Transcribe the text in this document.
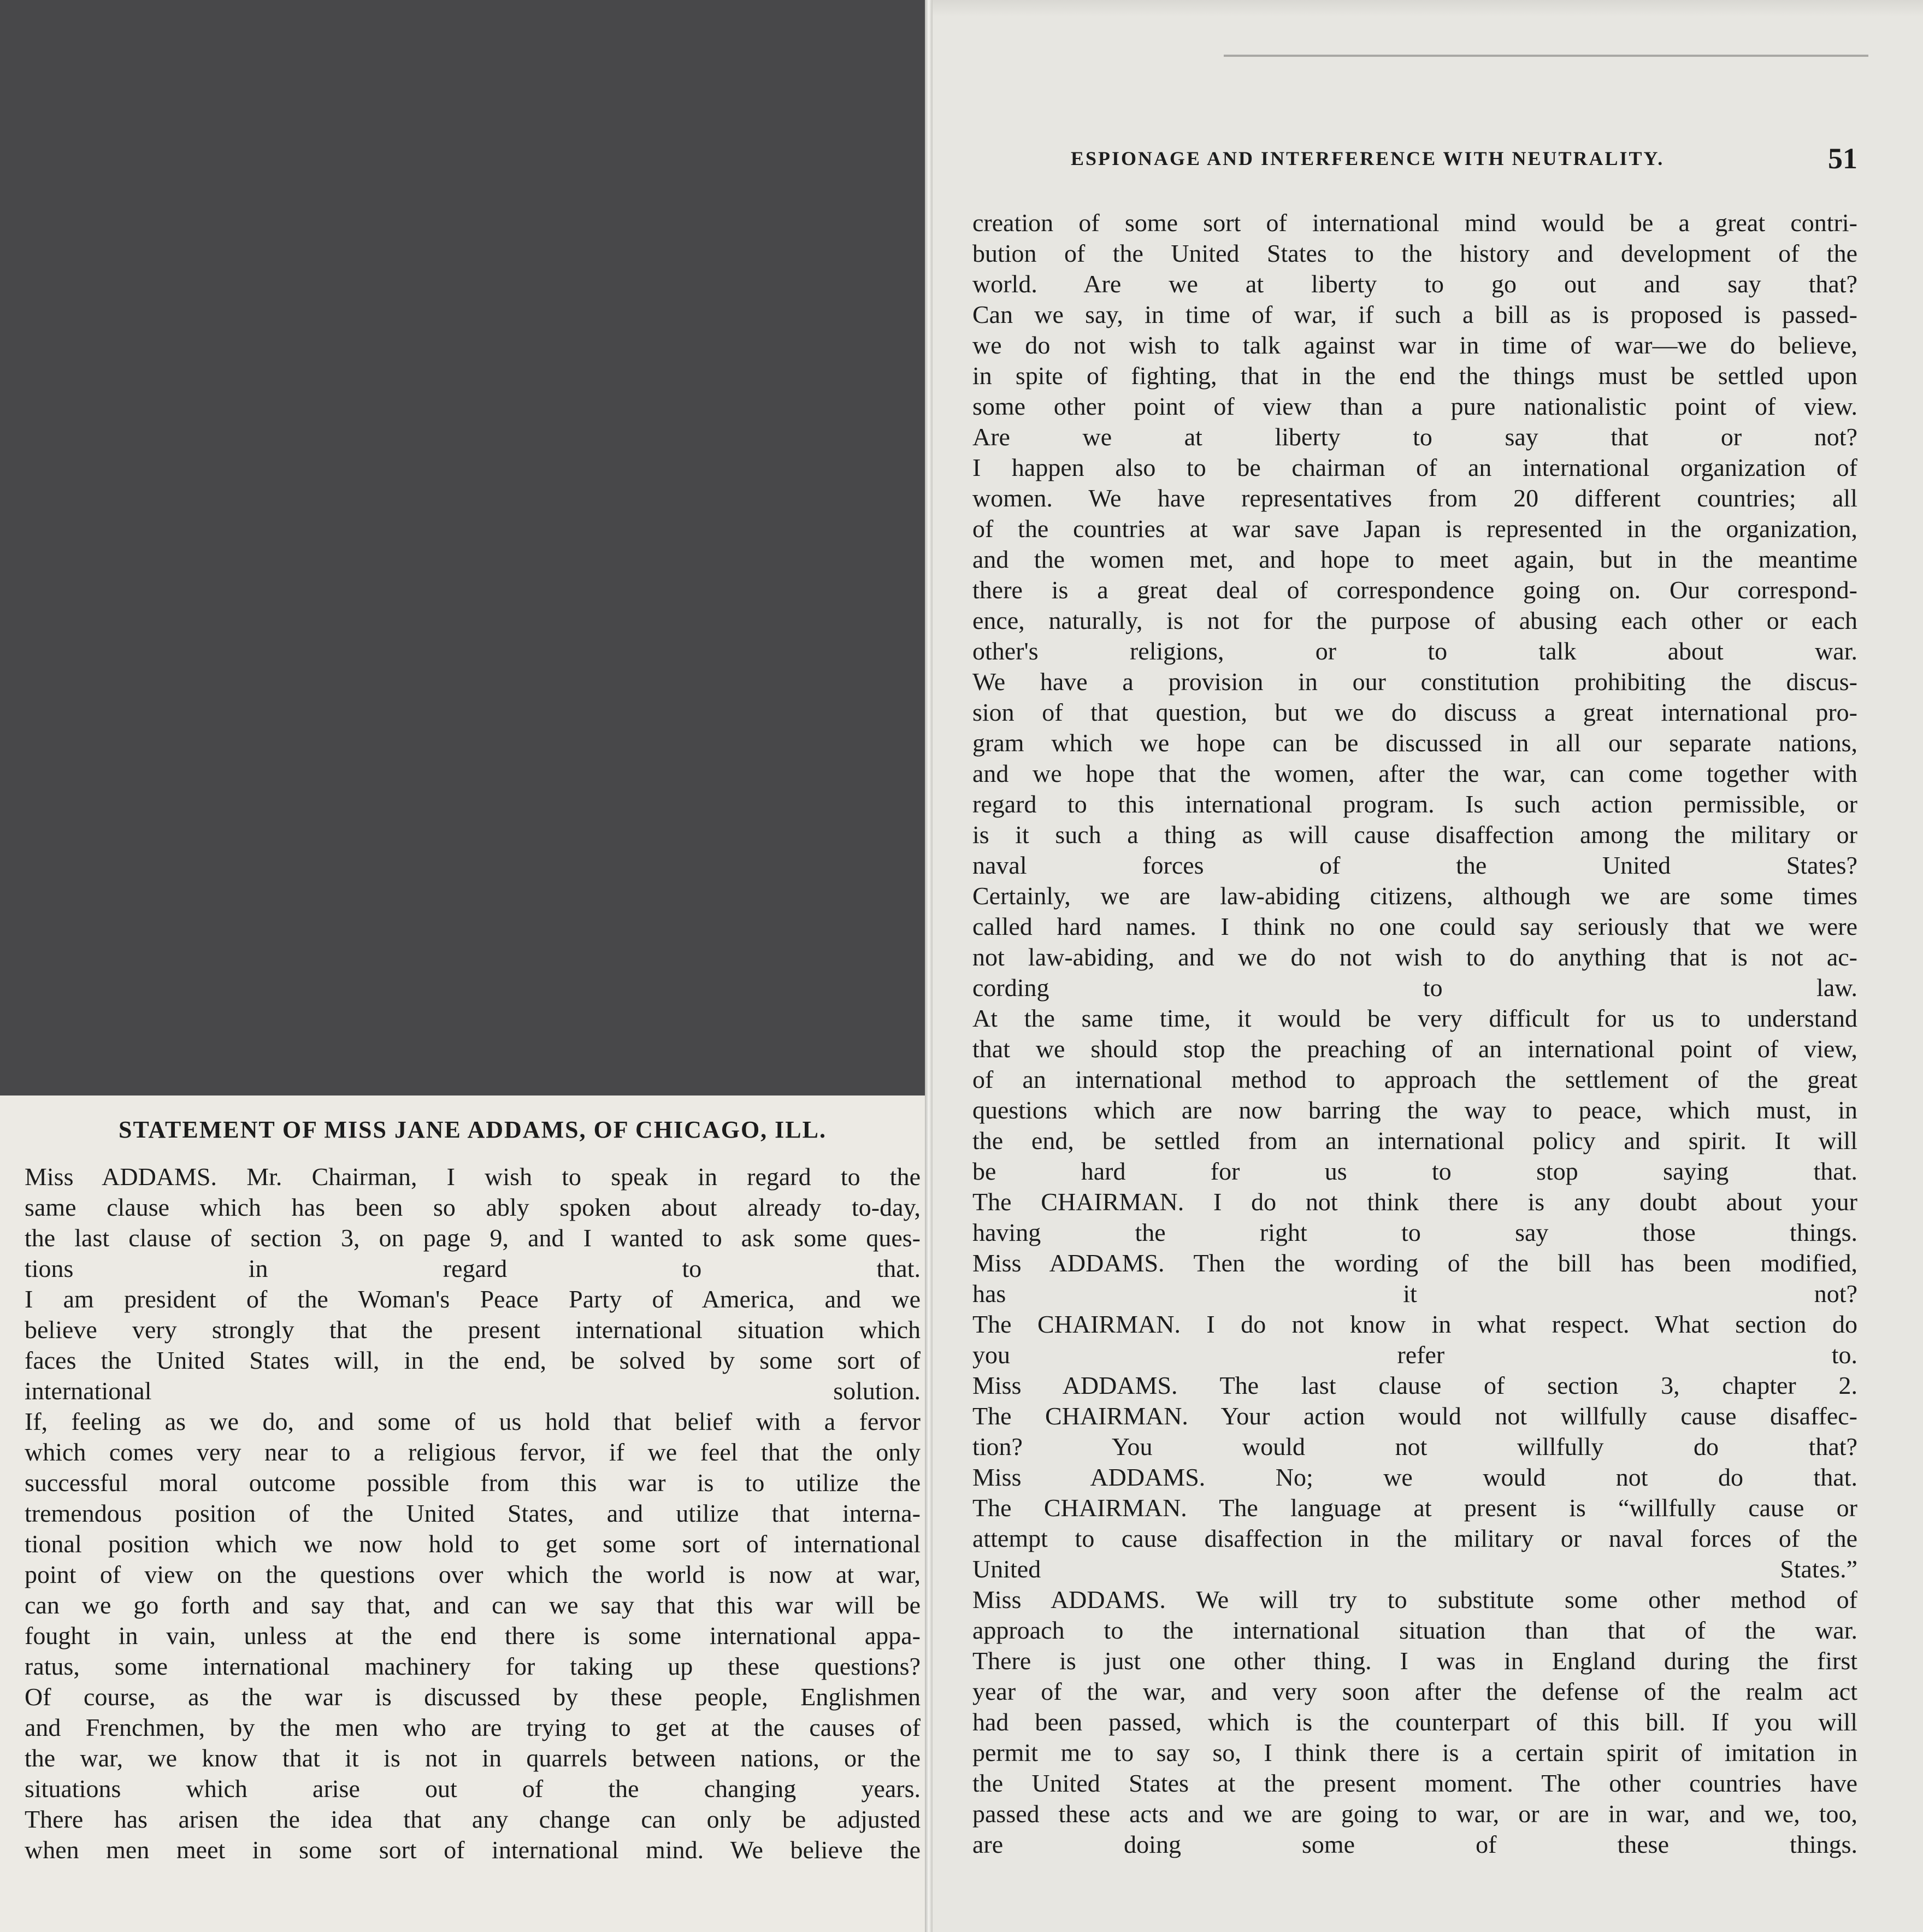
ESPIONAGE AND INTERFERENCE WITH NEUTRALITY.	51
creation of some sort of international mind would be a great contri-
bution of the United States to the history and development of the
world. Are we at liberty to go out and say that?
Can we say, in time of war, if such a bill as is proposed is passed-
we do not wish to talk against war in time of war—we do believe,
in spite of fighting, that in the end the things must be settled upon
some other point of view than a pure nationalistic point of view.
Are we at liberty to say that or not?
I happen also to be chairman of an international organization of
women. We have representatives from 20 different countries; all
of the countries at war save Japan is represented in the organization,
and the women met, and hope to meet again, but in the meantime
there is a great deal of correspondence going on. Our correspond-
ence, naturally, is not for the purpose of abusing each other or each
other's religions, or to talk about war.
We have a provision in our constitution prohibiting the discus-
sion of that question, but we do discuss a great international pro-
gram which we hope can be discussed in all our separate nations,
and we hope that the women, after the war, can come together with
regard to this international program. Is such action permissible, or
is it such a thing as will cause disaffection among the military or
naval forces of the United States?
Certainly, we are law-abiding citizens, although we are some times
called hard names. I think no one could say seriously that we were
not law-abiding, and we do not wish to do anything that is not ac-
cording to law.
At the same time, it would be very difficult for us to understand
that we should stop the preaching of an international point of view,
of an international method to approach the settlement of the great
questions which are now barring the way to peace, which must, in
the end, be settled from an international policy and spirit. It will
be hard for us to stop saying that.
The CHAIRMAN. I do not think there is any doubt about your
having the right to say those things.
Miss ADDAMS. Then the wording of the bill has been modified,
has it not?
The CHAIRMAN. I do not know in what respect. What section do
you refer to.
Miss ADDAMS. The last clause of section 3, chapter 2.
The CHAIRMAN. Your action would not willfully cause disaffec-
tion? You would not willfully do that?
Miss ADDAMS. No; we would not do that.
The CHAIRMAN. The language at present is “willfully cause or
attempt to cause disaffection in the military or naval forces of the
United States.”
Miss ADDAMS. We will try to substitute some other method of
approach to the international situation than that of the war.
There is just one other thing. I was in England during the first
year of the war, and very soon after the defense of the realm act
had been passed, which is the counterpart of this bill. If you will
permit me to say so, I think there is a certain spirit of imitation in
the United States at the present moment. The other countries have
passed these acts and we are going to war, or are in war, and we, too,
are doing some of these things.
STATEMENT OF MISS JANE ADDAMS, OF CHICAGO, ILL.
Miss ADDAMS. Mr. Chairman, I wish to speak in regard to the
same clause which has been so ably spoken about already to-day,
the last clause of section 3, on page 9, and I wanted to ask some ques-
tions in regard to that.
I am president of the Woman's Peace Party of America, and we
believe very strongly that the present international situation which
faces the United States will, in the end, be solved by some sort of
international solution.
If, feeling as we do, and some of us hold that belief with a fervor
which comes very near to a religious fervor, if we feel that the only
successful moral outcome possible from this war is to utilize the
tremendous position of the United States, and utilize that interna-
tional position which we now hold to get some sort of international
point of view on the questions over which the world is now at war,
can we go forth and say that, and can we say that this war will be
fought in vain, unless at the end there is some international appa-
ratus, some international machinery for taking up these questions?
Of course, as the war is discussed by these people, Englishmen
and Frenchmen, by the men who are trying to get at the causes of
the war, we know that it is not in quarrels between nations, or the
situations which arise out of the changing years.
There has arisen the idea that any change can only be adjusted
when men meet in some sort of international mind. We believe the
